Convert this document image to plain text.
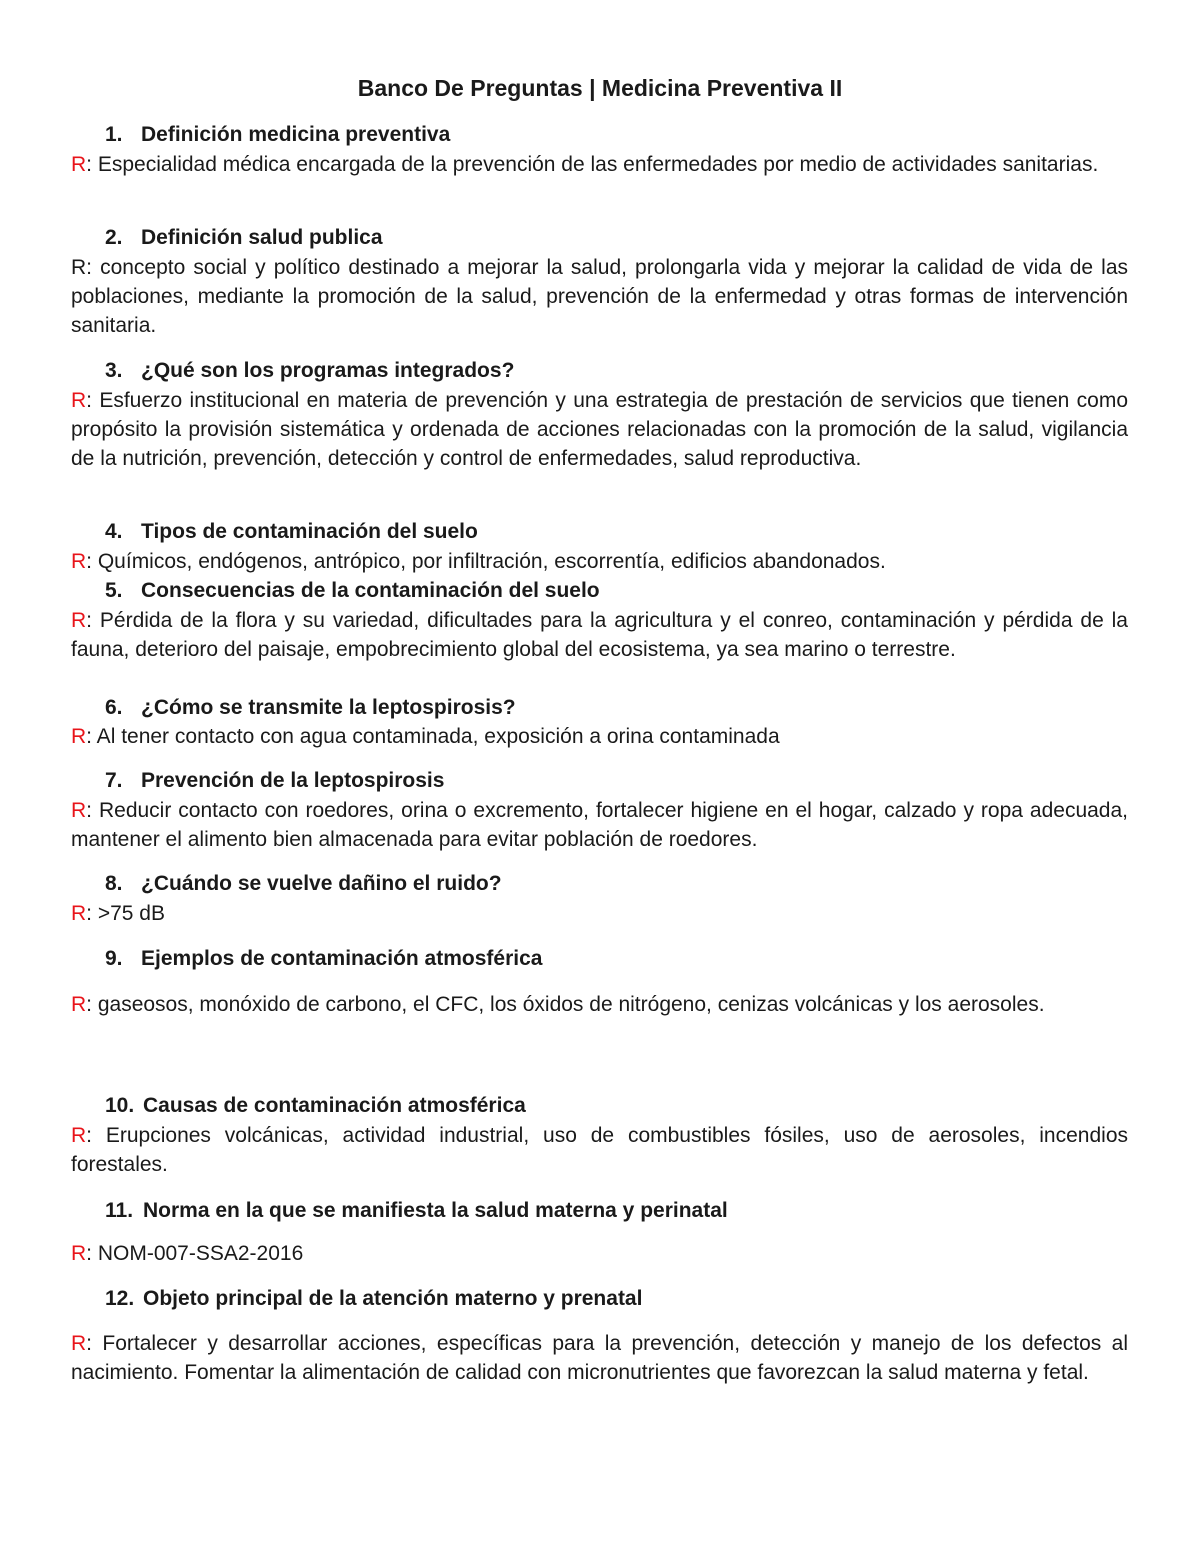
Banco De Preguntas | Medicina Preventiva II
1. Definición medicina preventiva
R: Especialidad médica encargada de la prevención de las enfermedades por medio de actividades sanitarias.
2. Definición salud publica
R: concepto social y político destinado a mejorar la salud, prolongarla vida y mejorar la calidad de vida de las poblaciones, mediante la promoción de la salud, prevención de la enfermedad y otras formas de intervención sanitaria.
3. ¿Qué son los programas integrados?
R: Esfuerzo institucional en materia de prevención y una estrategia de prestación de servicios que tienen como propósito la provisión sistemática y ordenada de acciones relacionadas con la promoción de la salud, vigilancia de la nutrición, prevención, detección y control de enfermedades, salud reproductiva.
4. Tipos de contaminación del suelo
R: Químicos, endógenos, antrópico, por infiltración, escorrentía, edificios abandonados.
5. Consecuencias de la contaminación del suelo
R: Pérdida de la flora y su variedad, dificultades para la agricultura y el conreo, contaminación y pérdida de la fauna, deterioro del paisaje, empobrecimiento global del ecosistema, ya sea marino o terrestre.
6. ¿Cómo se transmite la leptospirosis?
R: Al tener contacto con agua contaminada, exposición a orina contaminada
7. Prevención de la leptospirosis
R: Reducir contacto con roedores, orina o excremento, fortalecer higiene en el hogar, calzado y ropa adecuada, mantener el alimento bien almacenada para evitar población de roedores.
8. ¿Cuándo se vuelve dañino el ruido?
R: >75 dB
9. Ejemplos de contaminación atmosférica
R: gaseosos, monóxido de carbono, el CFC, los óxidos de nitrógeno, cenizas volcánicas y los aerosoles.
10. Causas de contaminación atmosférica
R: Erupciones volcánicas, actividad industrial, uso de combustibles fósiles, uso de aerosoles, incendios forestales.
11. Norma en la que se manifiesta la salud materna y perinatal
R: NOM-007-SSA2-2016
12. Objeto principal de la atención materno y prenatal
R: Fortalecer y desarrollar acciones, específicas para la prevención, detección y manejo de los defectos al nacimiento. Fomentar la alimentación de calidad con micronutrientes que favorezcan la salud materna y fetal.
